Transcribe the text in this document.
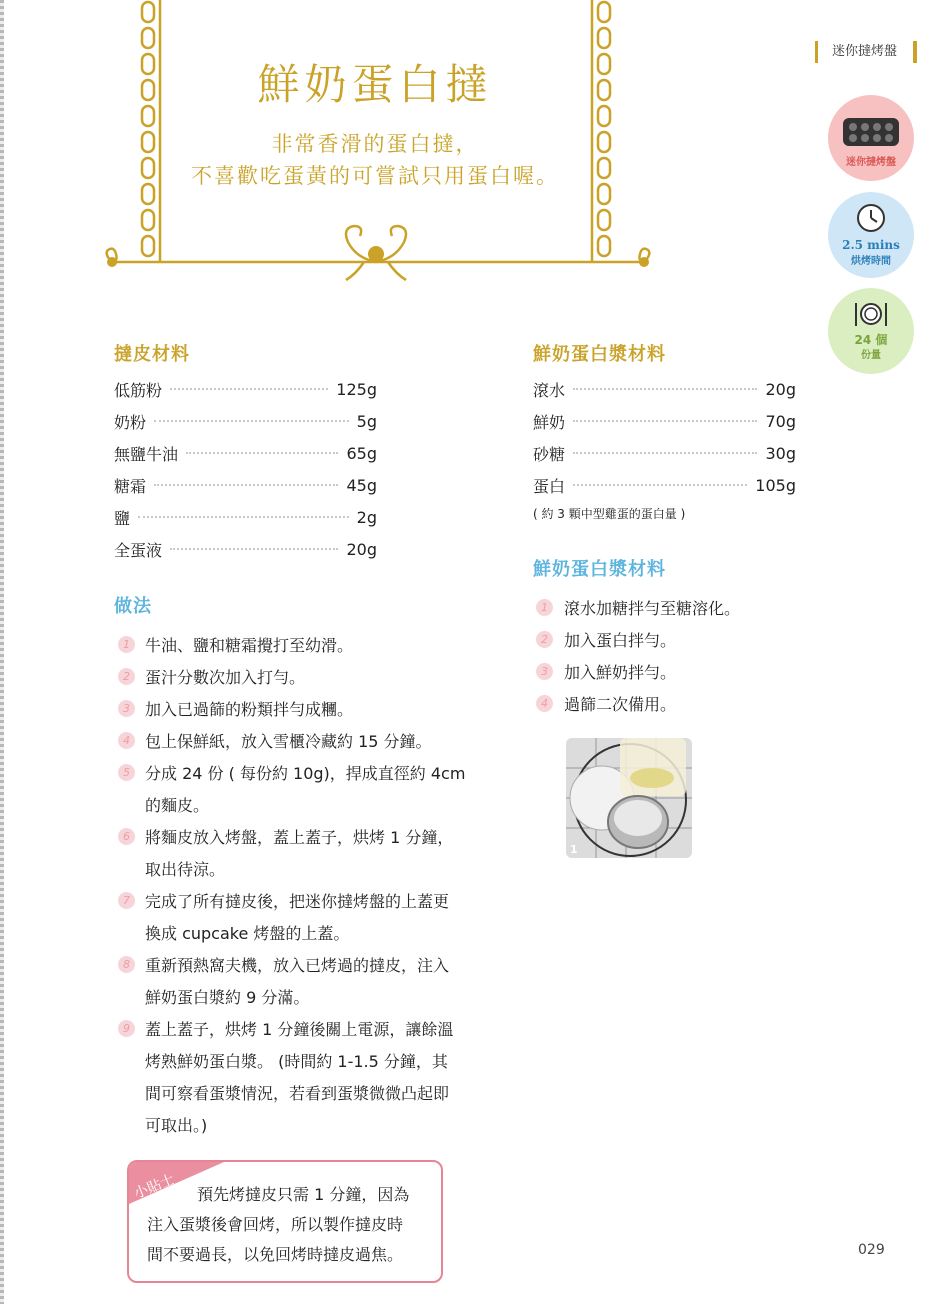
鮮奶蛋白撻
非常香滑的蛋白撻，
不喜歡吃蛋黃的可嘗試只用蛋白喔。
迷你撻烤盤
迷你撻烤盤
2.5 mins
烘烤時間
24 個
份量
撻皮材料
低筋粉	125g
奶粉	5g
無鹽牛油	65g
糖霜	45g
鹽	2g
全蛋液	20g
鮮奶蛋白漿材料
滾水	20g
鮮奶	70g
砂糖	30g
蛋白	105g
( 約 3 顆中型雞蛋的蛋白量 )
鮮奶蛋白漿材料
1	滾水加糖拌勻至糖溶化。
2	加入蛋白拌勻。
3	加入鮮奶拌勻。
4	過篩二次備用。
1
做法
1 牛油、鹽和糖霜攪打至幼滑。
2 蛋汁分數次加入打勻。
3 加入已過篩的粉類拌勻成糰。
4 包上保鮮紙，放入雪櫃冷藏約 15 分鐘。
5 分成 24 份 ( 每份約 10g)，捍成直徑約 4cm
的麵皮。
6 將麵皮放入烤盤，蓋上蓋子，烘烤 1 分鐘，
取出待涼。
7 完成了所有撻皮後，把迷你撻烤盤的上蓋更
換成 cupcake 烤盤的上蓋。
8 重新預熱窩夫機，放入已烤過的撻皮，注入
鮮奶蛋白漿約 9 分滿。
9 蓋上蓋子，烘烤 1 分鐘後關上電源，讓餘溫
烤熟鮮奶蛋白漿。 (時間約 1-1.5 分鐘，其
間可察看蛋漿情況，若看到蛋漿微微凸起即
可取出。)
小貼士 預先烤撻皮只需 1 分鐘，因為
注入蛋漿後會回烤，所以製作撻皮時
間不要過長，以免回烤時撻皮過焦。	029
